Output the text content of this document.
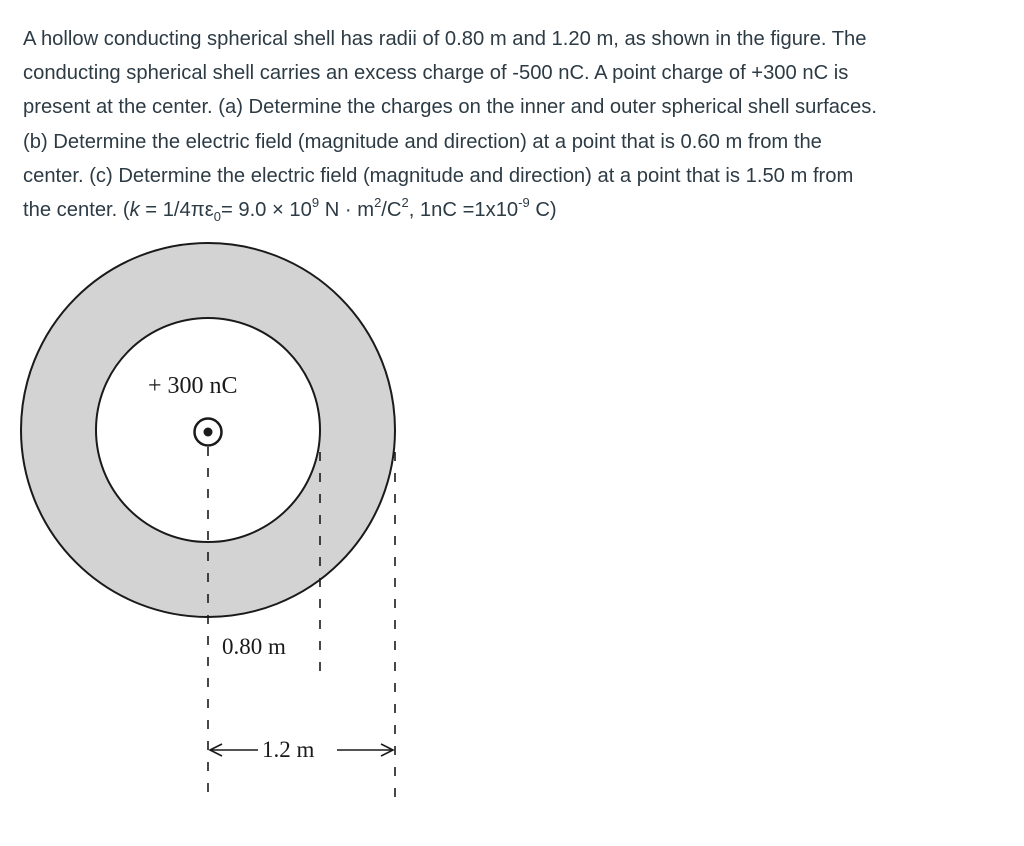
A hollow conducting spherical shell has radii of 0.80 m and 1.20 m, as shown in the figure. The
conducting spherical shell carries an excess charge of -500 nC. A point charge of +300 nC is
present at the center. (a) Determine the charges on the inner and outer spherical shell surfaces.
(b) Determine the electric field (magnitude and direction) at a point that is 0.60 m from the
center. (c) Determine the electric field (magnitude and direction) at a point that is 1.50 m from
the center. ($k = 1/4\pi\varepsilon_0= 9.0 \times 10^9$ $N \cdot m^2/C^2$, $1nC =1x10^{-9}$ C)

+ 300 nC
0.80 m
1.2 m
